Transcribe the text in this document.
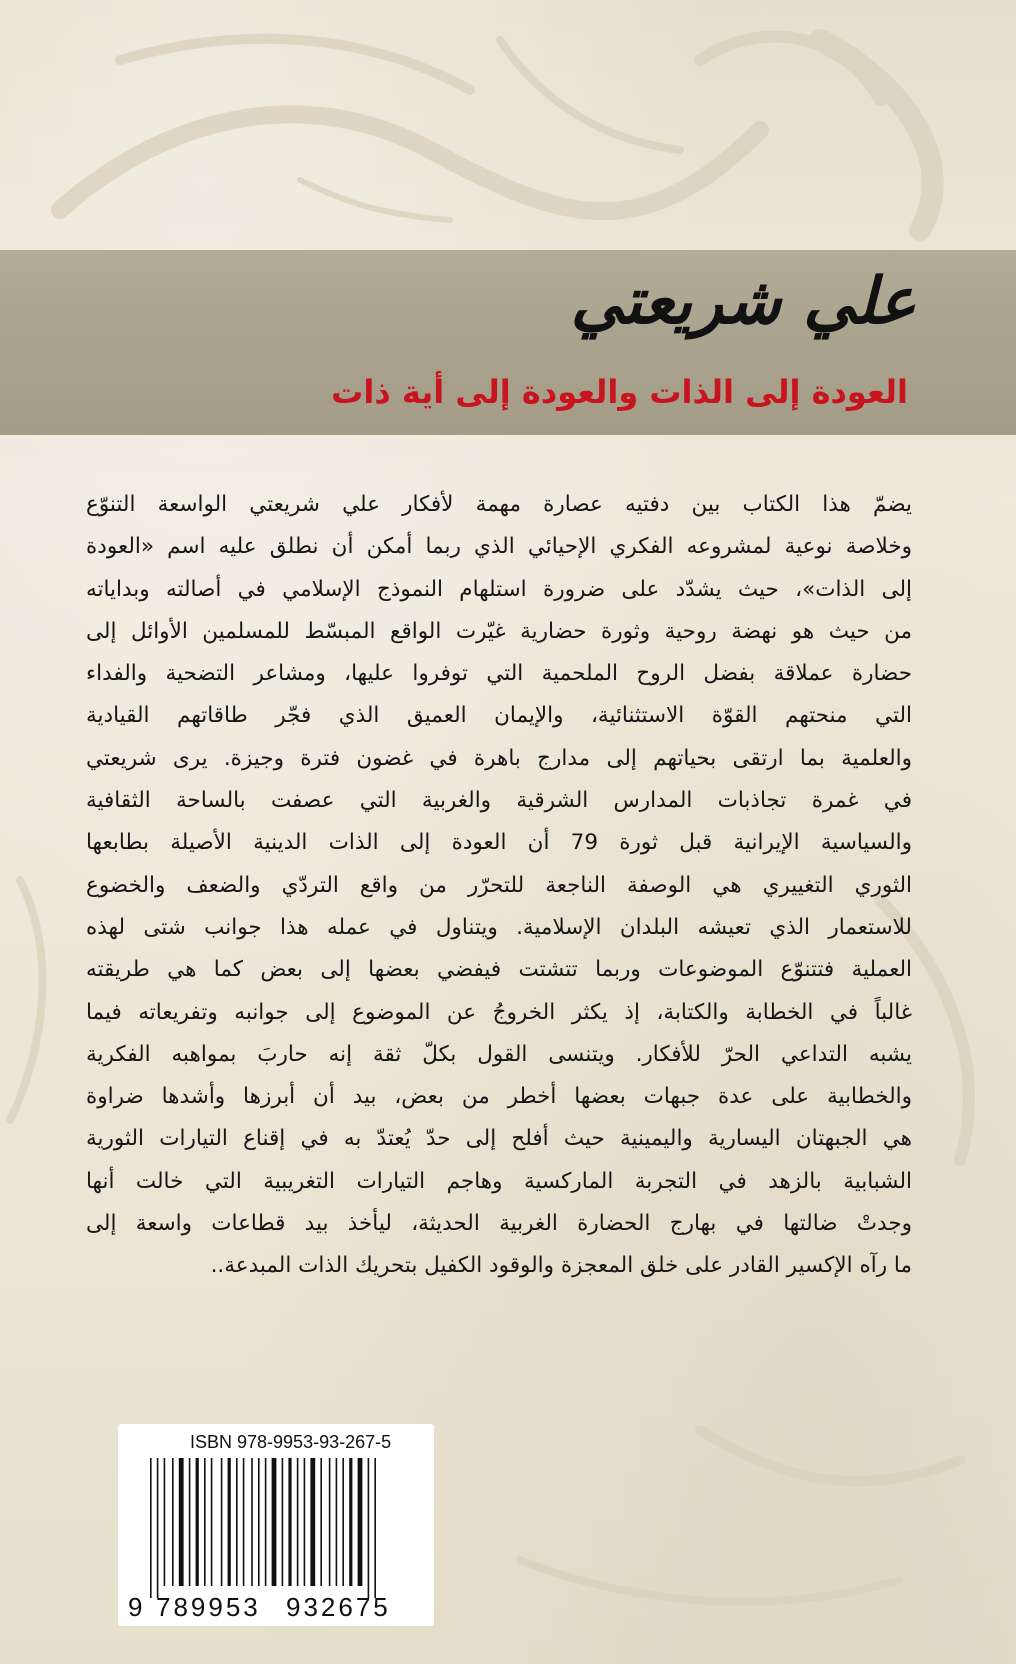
علي شريعتي
العودة إلى الذات والعودة إلى أية ذات
يضمّ هذا الكتاب بين دفتيه عصارة مهمة لأفكار علي شريعتي الواسعة التنوّع
وخلاصة نوعية لمشروعه الفكري الإحيائي الذي ربما أمكن أن نطلق عليه اسم «العودة
إلى الذات»، حيث يشدّد على ضرورة استلهام النموذج الإسلامي في أصالته وبداياته
من حيث هو نهضة روحية وثورة حضارية غيّرت الواقع المبسّط للمسلمين الأوائل إلى
حضارة عملاقة بفضل الروح الملحمية التي توفروا عليها، ومشاعر التضحية والفداء
التي منحتهم القوّة الاستثنائية، والإيمان العميق الذي فجّر طاقاتهم القيادية
والعلمية بما ارتقى بحياتهم إلى مدارج باهرة في غضون فترة وجيزة. يرى شريعتي
في غمرة تجاذبات المدارس الشرقية والغربية التي عصفت بالساحة الثقافية
والسياسية الإيرانية قبل ثورة 79 أن العودة إلى الذات الدينية الأصيلة بطابعها
الثوري التغييري هي الوصفة الناجعة للتحرّر من واقع التردّي والضعف والخضوع
للاستعمار الذي تعيشه البلدان الإسلامية. ويتناول في عمله هذا جوانب شتى لهذه
العملية فتتنوّع الموضوعات وربما تتشتت فيفضي بعضها إلى بعض كما هي طريقته
غالباً في الخطابة والكتابة، إذ يكثر الخروجُ عن الموضوع إلى جوانبه وتفريعاته فيما
يشبه التداعي الحرّ للأفكار. ويتنسى القول بكلّ ثقة إنه حاربَ بمواهبه الفكرية
والخطابية على عدة جبهات بعضها أخطر من بعض، بيد أن أبرزها وأشدها ضراوة
هي الجبهتان اليسارية واليمينية حيث أفلح إلى حدّ يُعتدّ به في إقناع التيارات الثورية
الشبابية بالزهد في التجربة الماركسية وهاجم التيارات التغريبية التي خالت أنها
وجدتْ ضالتها في بهارج الحضارة الغربية الحديثة، ليأخذ بيد قطاعات واسعة إلى
ما رآه الإكسير القادر على خلق المعجزة والوقود الكفيل بتحريك الذات المبدعة..
ISBN 978-9953-93-267-5
9 789953 932675
